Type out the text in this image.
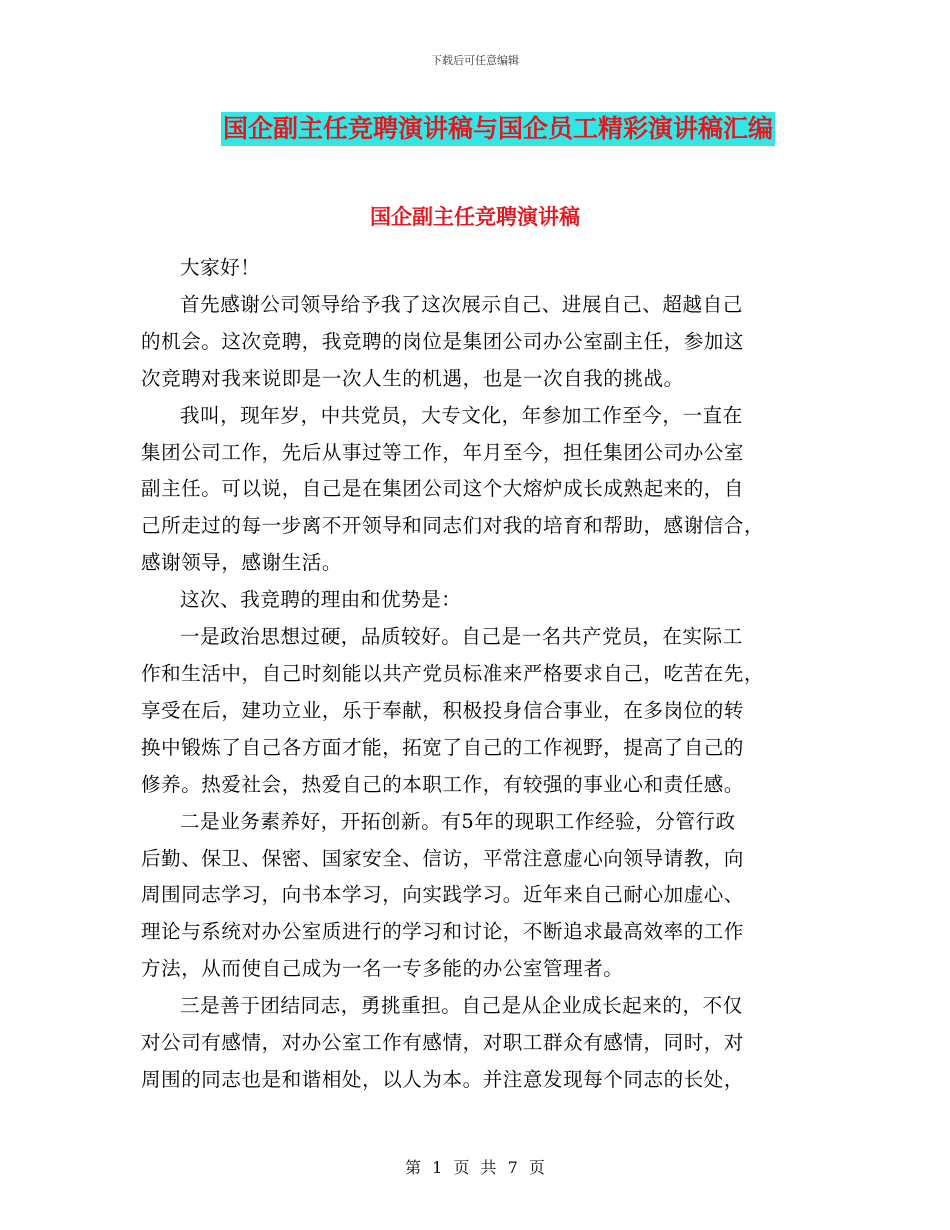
下载后可任意编辑
国企副主任竞聘演讲稿与国企员工精彩演讲稿汇编
国企副主任竞聘演讲稿
大家好！
首先感谢公司领导给予我了这次展示自己、进展自己、超越自己
的机会。这次竞聘，我竞聘的岗位是集团公司办公室副主任，参加这
次竞聘对我来说即是一次人生的机遇，也是一次自我的挑战。
我叫，现年岁，中共党员，大专文化，年参加工作至今，一直在
集团公司工作，先后从事过等工作，年月至今，担任集团公司办公室
副主任。可以说，自己是在集团公司这个大熔炉成长成熟起来的，自
己所走过的每一步离不开领导和同志们对我的培育和帮助，感谢信合，
感谢领导，感谢生活。
这次、我竞聘的理由和优势是：
一是政治思想过硬，品质较好。自己是一名共产党员，在实际工
作和生活中，自己时刻能以共产党员标准来严格要求自己，吃苦在先，
享受在后，建功立业，乐于奉献，积极投身信合事业，在多岗位的转
换中锻炼了自己各方面才能，拓宽了自己的工作视野，提高了自己的
修养。热爱社会，热爱自己的本职工作，有较强的事业心和责任感。
二是业务素养好，开拓创新。有5年的现职工作经验，分管行政
后勤、保卫、保密、国家安全、信访，平常注意虚心向领导请教，向
周围同志学习，向书本学习，向实践学习。近年来自己耐心加虚心、
理论与系统对办公室质进行的学习和讨论，不断追求最高效率的工作
方法，从而使自己成为一名一专多能的办公室管理者。
三是善于团结同志，勇挑重担。自己是从企业成长起来的，不仅
对公司有感情，对办公室工作有感情，对职工群众有感情，同时，对
周围的同志也是和谐相处，以人为本。并注意发现每个同志的长处，
第 1 页 共 7 页
